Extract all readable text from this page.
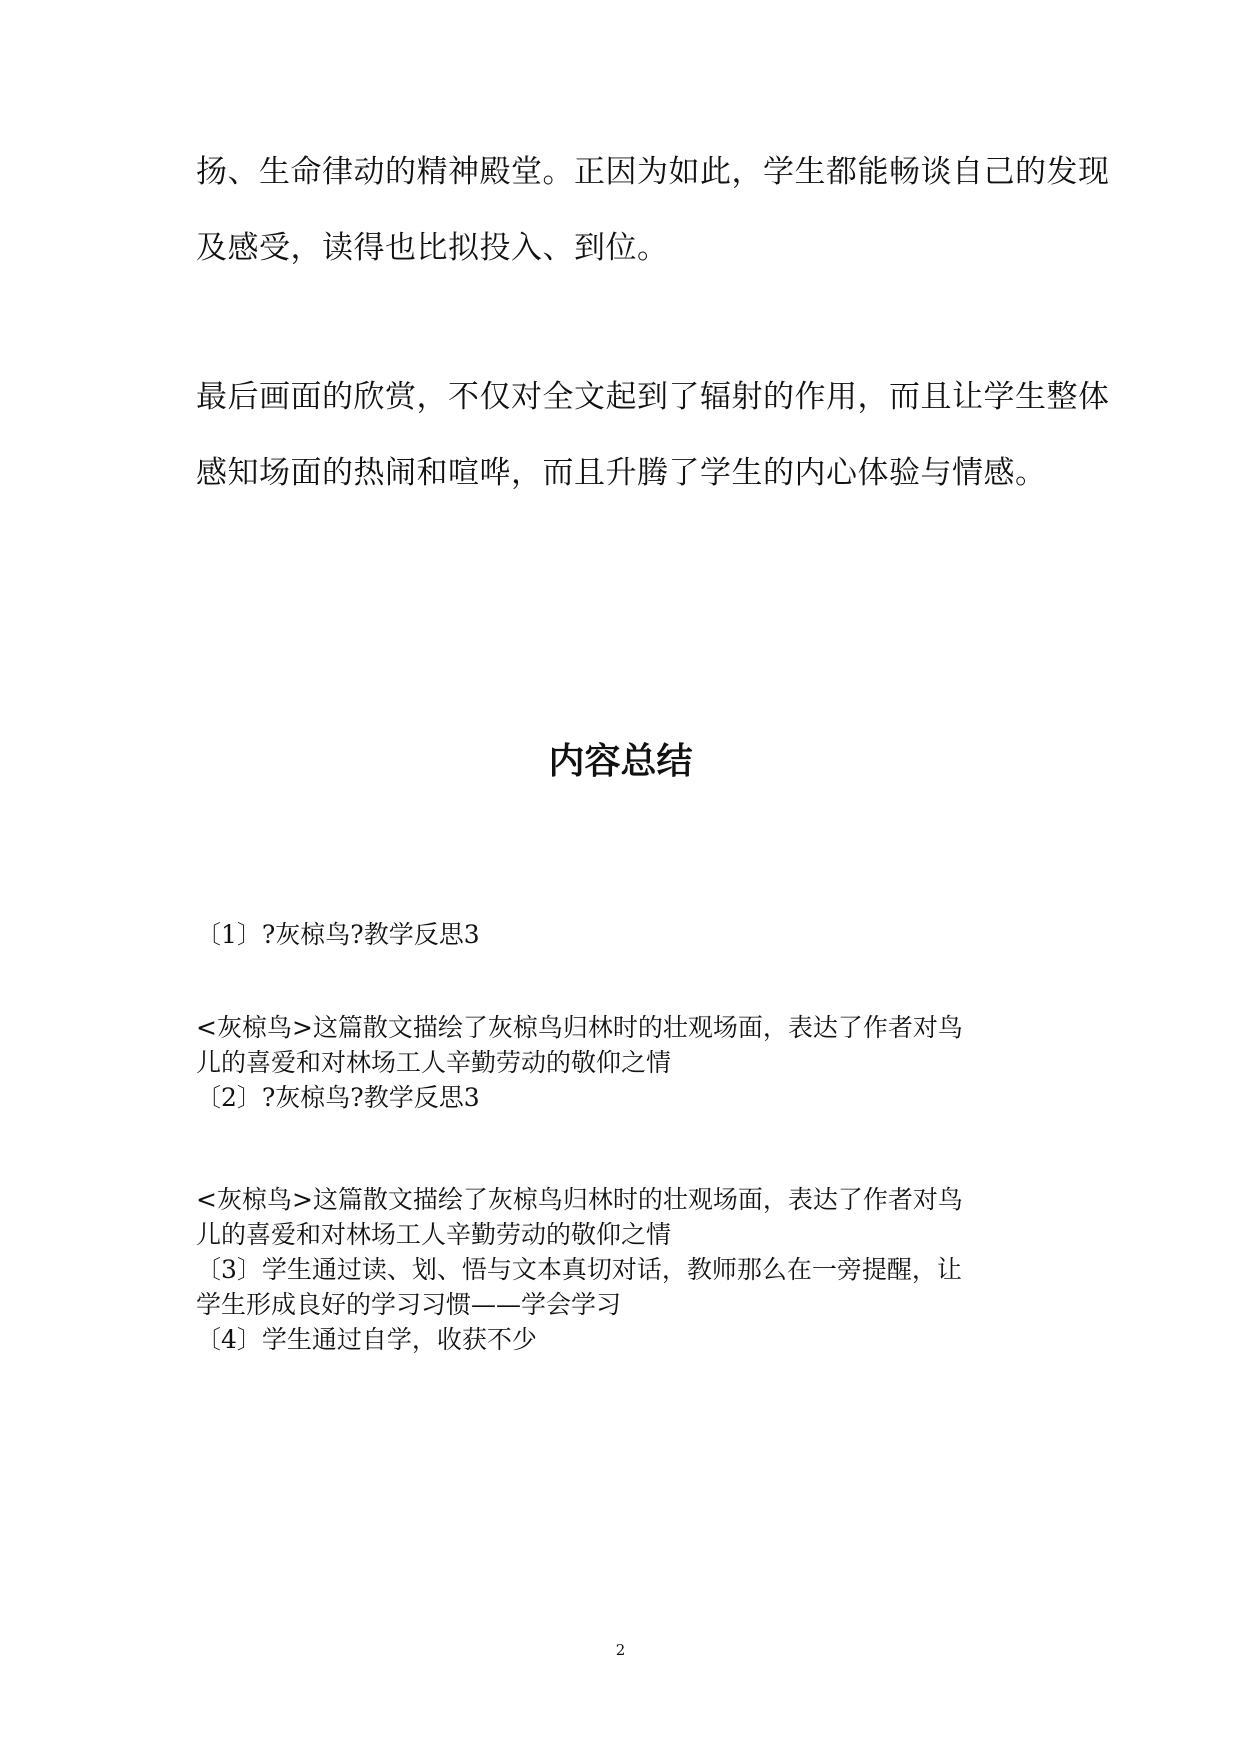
扬、生命律动的精神殿堂。正因为如此，学生都能畅谈自己的发现
及感受，读得也比拟投入、到位。
最后画面的欣赏，不仅对全文起到了辐射的作用，而且让学生整体
感知场面的热闹和喧哗，而且升腾了学生的内心体验与情感。
内容总结
〔1〕?灰椋鸟?教学反思3
<灰椋鸟>这篇散文描绘了灰椋鸟归林时的壮观场面，表达了作者对鸟
儿的喜爱和对林场工人辛勤劳动的敬仰之情
〔2〕?灰椋鸟?教学反思3
<灰椋鸟>这篇散文描绘了灰椋鸟归林时的壮观场面，表达了作者对鸟
儿的喜爱和对林场工人辛勤劳动的敬仰之情
〔3〕学生通过读、划、悟与文本真切对话，教师那么在一旁提醒，让
学生形成良好的学习习惯——学会学习
〔4〕学生通过自学，收获不少
2
